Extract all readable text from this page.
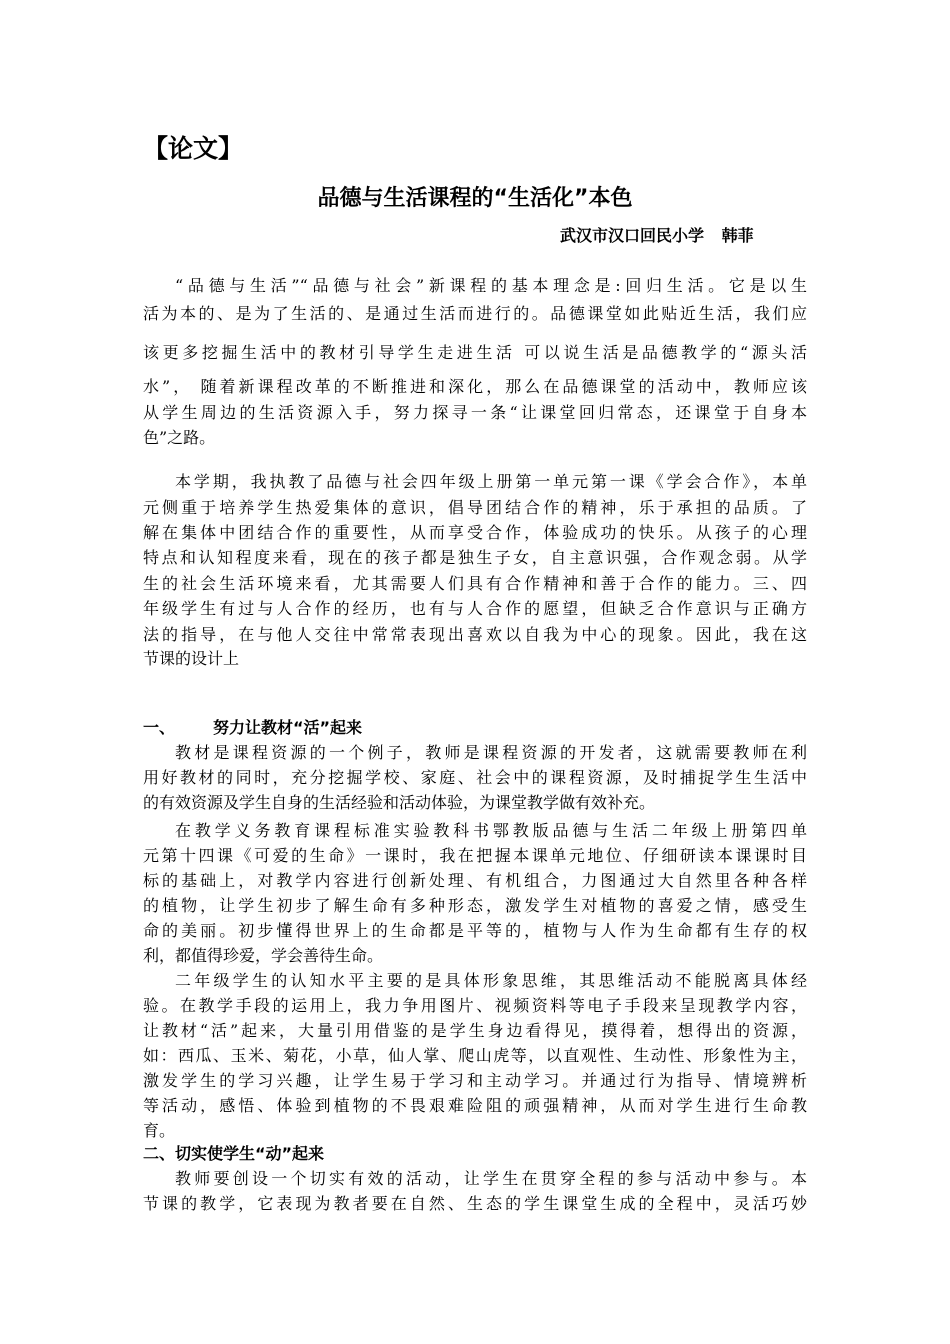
【论文】
品德与生活课程的“生活化”本色
武汉市汉口回民小学 韩菲
“品德与生活”“品德与社会”新课程的基本理念是:回归生活。它是以生
活为本的、是为了生活的、是通过生活而进行的。品德课堂如此贴近生活，我们应
该更多挖掘生活中的教材引导学生走进生活 可以说生活是品德教学的“源头活
水”， 随着新课程改革的不断推进和深化，那么在品德课堂的活动中，教师应该
从学生周边的生活资源入手，努力探寻一条“让课堂回归常态，还课堂于自身本
色”之路。
本学期，我执教了品德与社会四年级上册第一单元第一课《学会合作》，本单
元侧重于培养学生热爱集体的意识，倡导团结合作的精神，乐于承担的品质。了
解在集体中团结合作的重要性，从而享受合作，体验成功的快乐。从孩子的心理
特点和认知程度来看，现在的孩子都是独生子女，自主意识强，合作观念弱。从学
生的社会生活环境来看，尤其需要人们具有合作精神和善于合作的能力。三、四
年级学生有过与人合作的经历，也有与人合作的愿望，但缺乏合作意识与正确方
法的指导，在与他人交往中常常表现出喜欢以自我为中心的现象。因此，我在这
节课的设计上
一、 努力让教材“活”起来
教材是课程资源的一个例子，教师是课程资源的开发者，这就需要教师在利
用好教材的同时，充分挖掘学校、家庭、社会中的课程资源，及时捕捉学生生活中
的有效资源及学生自身的生活经验和活动体验，为课堂教学做有效补充。
在教学义务教育课程标准实验教科书鄂教版品德与生活二年级上册第四单
元第十四课《可爱的生命》一课时，我在把握本课单元地位、仔细研读本课课时目
标的基础上，对教学内容进行创新处理、有机组合，力图通过大自然里各种各样
的植物，让学生初步了解生命有多种形态，激发学生对植物的喜爱之情，感受生
命的美丽。初步懂得世界上的生命都是平等的，植物与人作为生命都有生存的权
利，都值得珍爱，学会善待生命。
二年级学生的认知水平主要的是具体形象思维，其思维活动不能脱离具体经
验。在教学手段的运用上，我力争用图片、视频资料等电子手段来呈现教学内容，
让教材“活”起来，大量引用借鉴的是学生身边看得见，摸得着，想得出的资源，
如：西瓜、玉米、菊花，小草，仙人掌、爬山虎等，以直观性、生动性、形象性为主，
激发学生的学习兴趣，让学生易于学习和主动学习。并通过行为指导、情境辨析
等活动，感悟、体验到植物的不畏艰难险阻的顽强精神，从而对学生进行生命教
育。
二、切实使学生“动”起来
教师要创设一个切实有效的活动，让学生在贯穿全程的参与活动中参与。本
节课的教学，它表现为教者要在自然、生态的学生课堂生成的全程中，灵活巧妙
